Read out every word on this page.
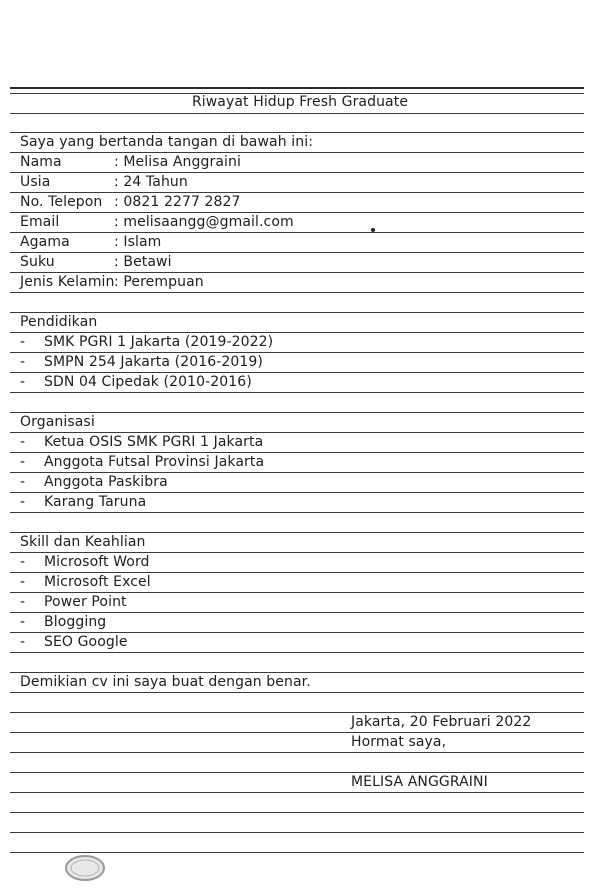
Riwayat Hidup Fresh Graduate
Saya yang bertanda tangan di bawah ini:
Nama	: Melisa Anggraini
Usia	: 24 Tahun
No. Telepon : 0821 2277 2827
Email	: melisaangg@gmail.com
Agama	: Islam
Suku	: Betawi
Jenis Kelamin : Perempuan
Pendidikan
- SMK PGRI 1 Jakarta (2019-2022)
- SMPN 254 Jakarta (2016-2019)
- SDN 04 Cipedak (2010-2016)
Organisasi
- Ketua OSIS SMK PGRI 1 Jakarta
- Anggota Futsal Provinsi Jakarta
- Anggota Paskibra
- Karang Taruna
Skill dan Keahlian
- Microsoft Word
- Microsoft Excel
- Power Point
- Blogging
- SEO Google
Demikian cv ini saya buat dengan benar.
Jakarta, 20 Februari 2022
Hormat saya,
MELISA ANGGRAINI
